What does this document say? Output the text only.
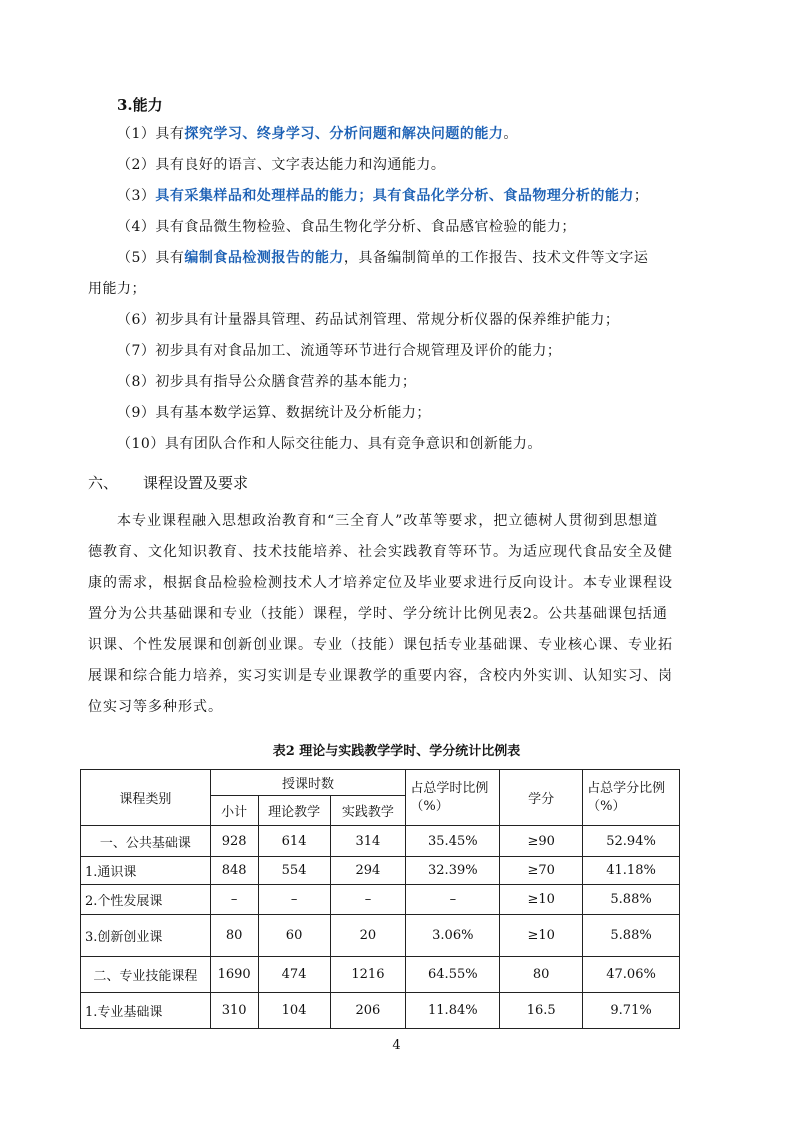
3.能力
（1）具有探究学习、终身学习、分析问题和解决问题的能力。
（2）具有良好的语言、文字表达能力和沟通能力。
（3）具有采集样品和处理样品的能力；具有食品化学分析、食品物理分析的能力；
（4）具有食品微生物检验、食品生物化学分析、食品感官检验的能力；
（5）具有编制食品检测报告的能力，具备编制简单的工作报告、技术文件等文字运
用能力；
（6）初步具有计量器具管理、药品试剂管理、常规分析仪器的保养维护能力；
（7）初步具有对食品加工、流通等环节进行合规管理及评价的能力；
（8）初步具有指导公众膳食营养的基本能力；
（9）具有基本数学运算、数据统计及分析能力；
（10）具有团队合作和人际交往能力、具有竞争意识和创新能力。
六、 课程设置及要求
本专业课程融入思想政治教育和“三全育人”改革等要求，把立德树人贯彻到思想道
德教育、文化知识教育、技术技能培养、社会实践教育等环节。为适应现代食品安全及健
康的需求，根据食品检验检测技术人才培养定位及毕业要求进行反向设计。本专业课程设
置分为公共基础课和专业（技能）课程，学时、学分统计比例见表2。公共基础课包括通
识课、个性发展课和创新创业课。专业（技能）课包括专业基础课、专业核心课、专业拓
展课和综合能力培养，实习实训是专业课教学的重要内容，含校内外实训、认知实习、岗
位实习等多种形式。
表2 理论与实践教学学时、学分统计比例表
课程类别	授课时数			占总学时比例（%）	学分	占总学分比例（%）
	小计	理论教学	实践教学			
一、公共基础课	928	614	314	35.45%	≥90	52.94%
1.通识课	848	554	294	32.39%	≥70	41.18%
2.个性发展课	–	–	–	–	≥10	5.88%
3.创新创业课	80	60	20	3.06%	≥10	5.88%
二、专业技能课程	1690	474	1216	64.55%	80	47.06%
1.专业基础课	310	104	206	11.84%	16.5	9.71%
4
